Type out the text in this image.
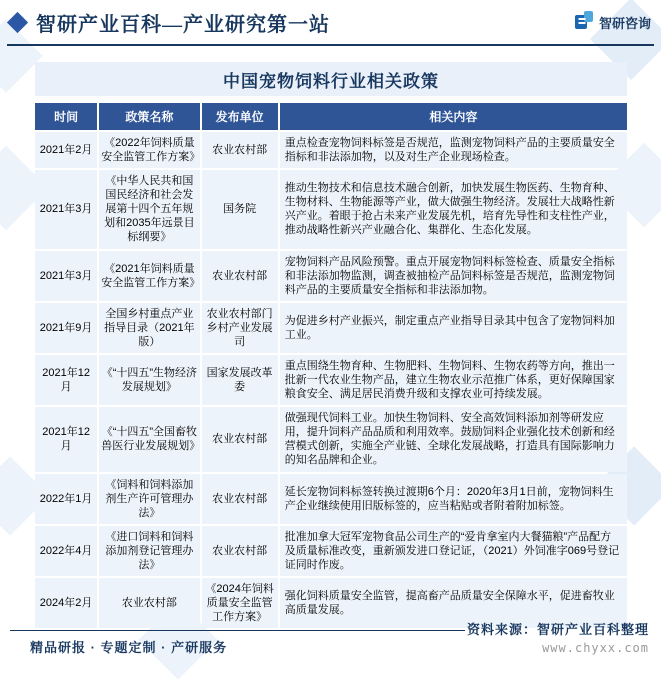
智研产业百科—产业研究第一站	智研咨询
中国宠物饲料行业相关政策
时间	政策名称	发布单位	相关内容
2021年2月	《2022年饲料质量安全监管工作方案》	农业农村部	重点检查宠物饲料标签是否规范，监测宠物饲料产品的主要质量安全指标和非法添加物，以及对生产企业现场检查。
2021年3月	《中华人民共和国国民经济和社会发展第十四个五年规划和2035年远景目标纲要》	国务院	推动生物技术和信息技术融合创新，加快发展生物医药、生物育种、生物材料、生物能源等产业，做大做强生物经济。发展壮大战略性新兴产业。着眼于抢占未来产业发展先机，培育先导性和支柱性产业，推动战略性新兴产业融合化、集群化、生态化发展。
2021年3月	《2021年饲料质量安全监管工作方案》	农业农村部	宠物饲料产品风险预警。重点开展宠物饲料标签检查、质量安全指标和非法添加物监测，调查被抽检产品饲料标签是否规范，监测宠物饲料产品的主要质量安全指标和非法添加物。
2021年9月	全国乡村重点产业指导目录（2021年版）	农业农村部门乡村产业发展司	为促进乡村产业振兴，制定重点产业指导目录其中包含了宠物饲料加工业。
2021年12月	《“十四五”生物经济发展规划》	国家发展改革委	重点围绕生物育种、生物肥料、生物饲料、生物农药等方向，推出一批新一代农业生物产品，建立生物农业示范推广体系，更好保障国家粮食安全、满足居民消费升级和支撑农业可持续发展。
2021年12月	《“十四五”全国畜牧兽医行业发展规划》	农业农村部	做强现代饲料工业。加快生物饲料、安全高效饲料添加剂等研发应用，提升饲料产品品质和利用效率。鼓励饲料企业强化技术创新和经营模式创新，实施全产业链、全球化发展战略，打造具有国际影响力的知名品牌和企业。
2022年1月	《饲料和饲料添加剂生产许可管理办法》	农业农村部	延长宠物饲料标签转换过渡期6个月：2020年3月1日前，宠物饲料生产企业继续使用旧版标签的，应当粘贴或者附着附加标签。
2022年4月	《进口饲料和饲料添加剂登记管理办法》	农业农村部	批准加拿大冠军宠物食品公司生产的“爱肯拿室内大餐猫粮”产品配方及质量标准改变，重新颁发进口登记证，（2021）外饲准字069号登记证同时作废。
2024年2月	农业农村部	《2024年饲料质量安全监管工作方案》	强化饲料质量安全监管，提高畜产品质量安全保障水平，促进畜牧业高质量发展。
精品研报 · 专题定制 · 产研服务
资料来源：智研产业百科整理
www.chyxx.com
